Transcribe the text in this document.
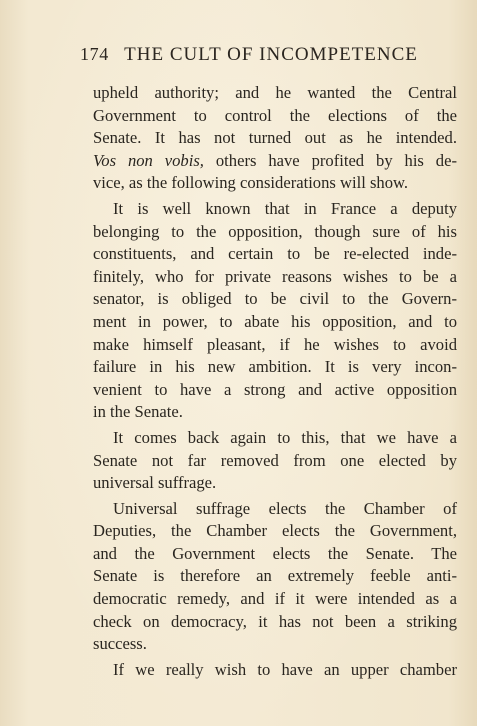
174 THE CULT OF INCOMPETENCE
upheld authority; and he wanted the Central
Government to control the elections of the
Senate. It has not turned out as he intended.
Vos non vobis, others have profited by his de-
vice, as the following considerations will show.
It is well known that in France a deputy
belonging to the opposition, though sure of his
constituents, and certain to be re-elected inde-
finitely, who for private reasons wishes to be a
senator, is obliged to be civil to the Govern-
ment in power, to abate his opposition, and to
make himself pleasant, if he wishes to avoid
failure in his new ambition. It is very incon-
venient to have a strong and active opposition
in the Senate.
It comes back again to this, that we have a
Senate not far removed from one elected by
universal suffrage.
Universal suffrage elects the Chamber of
Deputies, the Chamber elects the Government,
and the Government elects the Senate. The
Senate is therefore an extremely feeble anti-
democratic remedy, and if it were intended as a
check on democracy, it has not been a striking
success.
If we really wish to have an upper chamber
